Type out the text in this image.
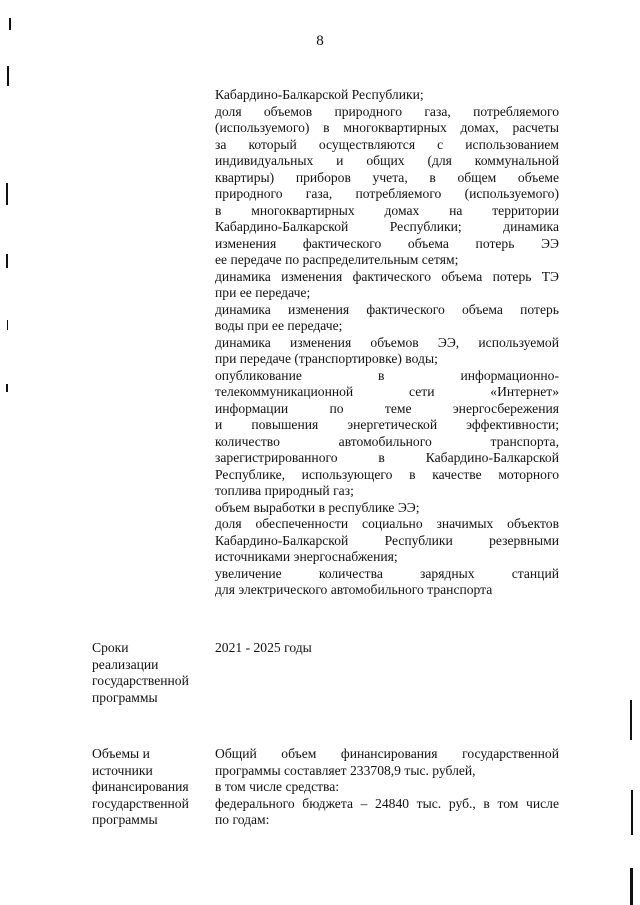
8
Кабардино-Балкарской Республики;
доля объемов природного газа, потребляемого
(используемого) в многоквартирных домах, расчеты
за который осуществляются с использованием
индивидуальных и общих (для коммунальной
квартиры) приборов учета, в общем объеме
природного газа, потребляемого (используемого)
в многоквартирных домах на территории
Кабардино-Балкарской Республики; динамика
изменения фактического объема потерь ЭЭ
ее передаче по распределительным сетям;
динамика изменения фактического объема потерь ТЭ
при ее передаче;
динамика изменения фактического объема потерь
воды при ее передаче;
динамика изменения объемов ЭЭ, используемой
при передаче (транспортировке) воды;
опубликование в информационно-
телекоммуникационной сети «Интернет»
информации по теме энергосбережения
и повышения энергетической эффективности;
количество автомобильного транспорта,
зарегистрированного в Кабардино-Балкарской
Республике, использующего в качестве моторного
топлива природный газ;
объем выработки в республике ЭЭ;
доля обеспеченности социально значимых объектов
Кабардино-Балкарской Республики резервными
источниками энергоснабжения;
увеличение количества зарядных станций
для электрического автомобильного транспорта
Сроки
реализации
государственной
программы
2021 - 2025 годы
Объемы и
источники
финансирования
государственной
программы
Общий объем финансирования государственной
программы составляет 233708,9 тыс. рублей,
в том числе средства:
федерального бюджета – 24840 тыс. руб., в том числе
по годам:
